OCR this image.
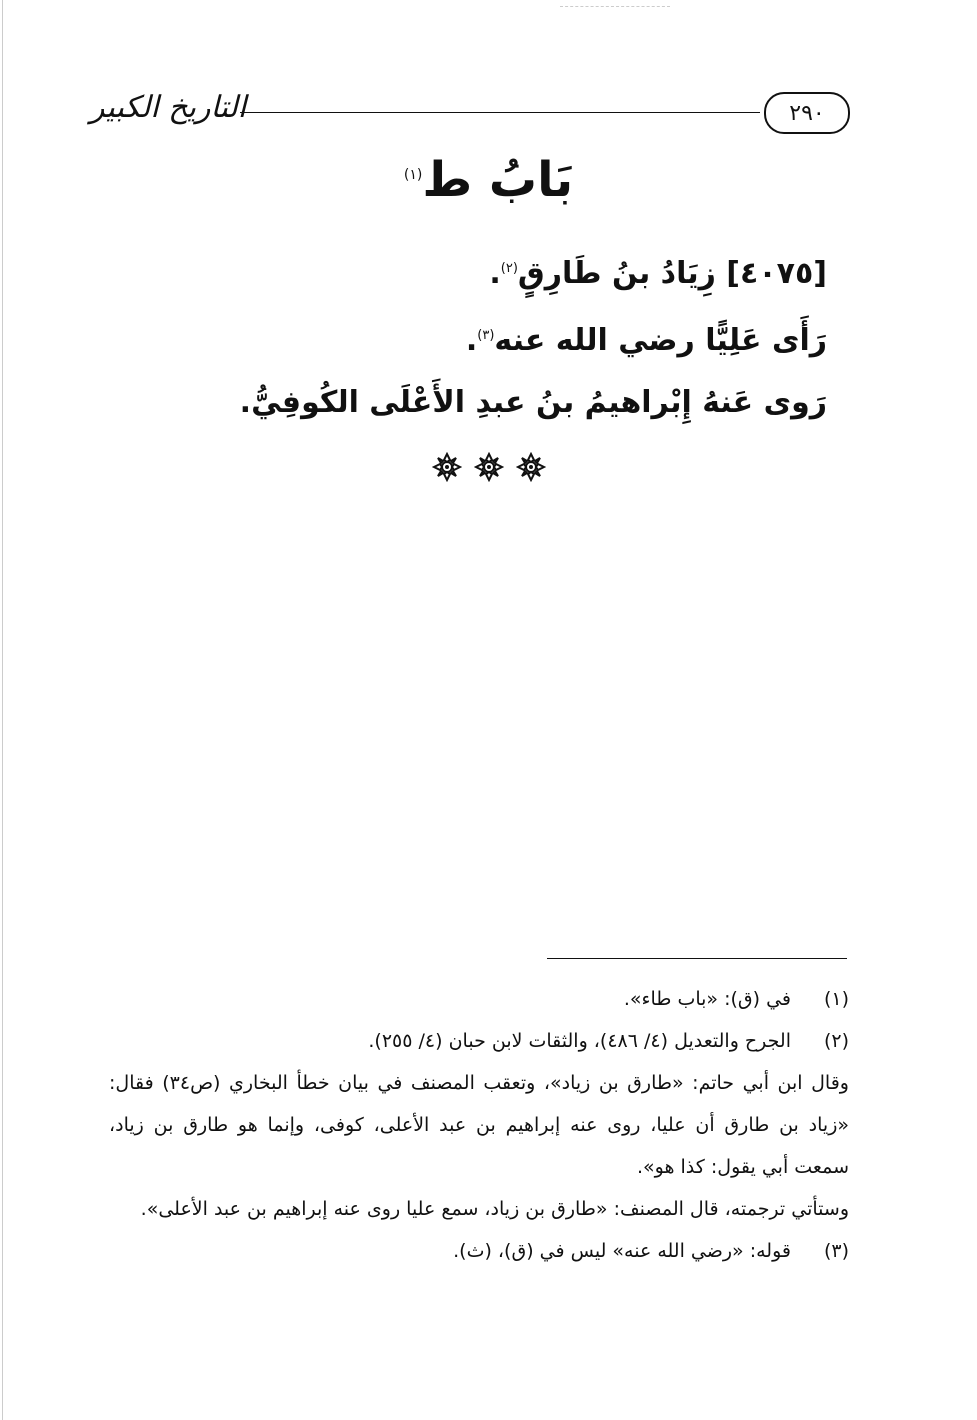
التاريخ الكبير	٢٩٠
بَابُ ط$^{(١)}$
[٤٠٧٥] زِيَادُ بنُ طَارِقٍ$^{(٢)}$.
رَأَى عَلِيًّا رضي الله عنه$^{(٣)}$.
رَوى عَنهُ إِبْراهيمُ بنُ عبدِ الأَعْلَى الكُوفِيُّ.
(١)
في (ق): «باب طاء».
(٢)
الجرح والتعديل (٤/ ٤٨٦)، والثقات لابن حبان (٤/ ٢٥٥).
وقال ابن أبي حاتم: «طارق بن زياد»، وتعقب المصنف في بيان خطأ البخاري (ص٣٤) فقال: «زياد بن طارق أن عليا، روى عنه إبراهيم بن عبد الأعلى، كوفى، وإنما هو طارق بن زياد، سمعت أبي يقول: كذا هو».
وستأتي ترجمته، قال المصنف: «طارق بن زياد، سمع عليا روى عنه إبراهيم بن عبد الأعلى».
(٣)
قوله: «رضي الله عنه» ليس في (ق)، (ث).
